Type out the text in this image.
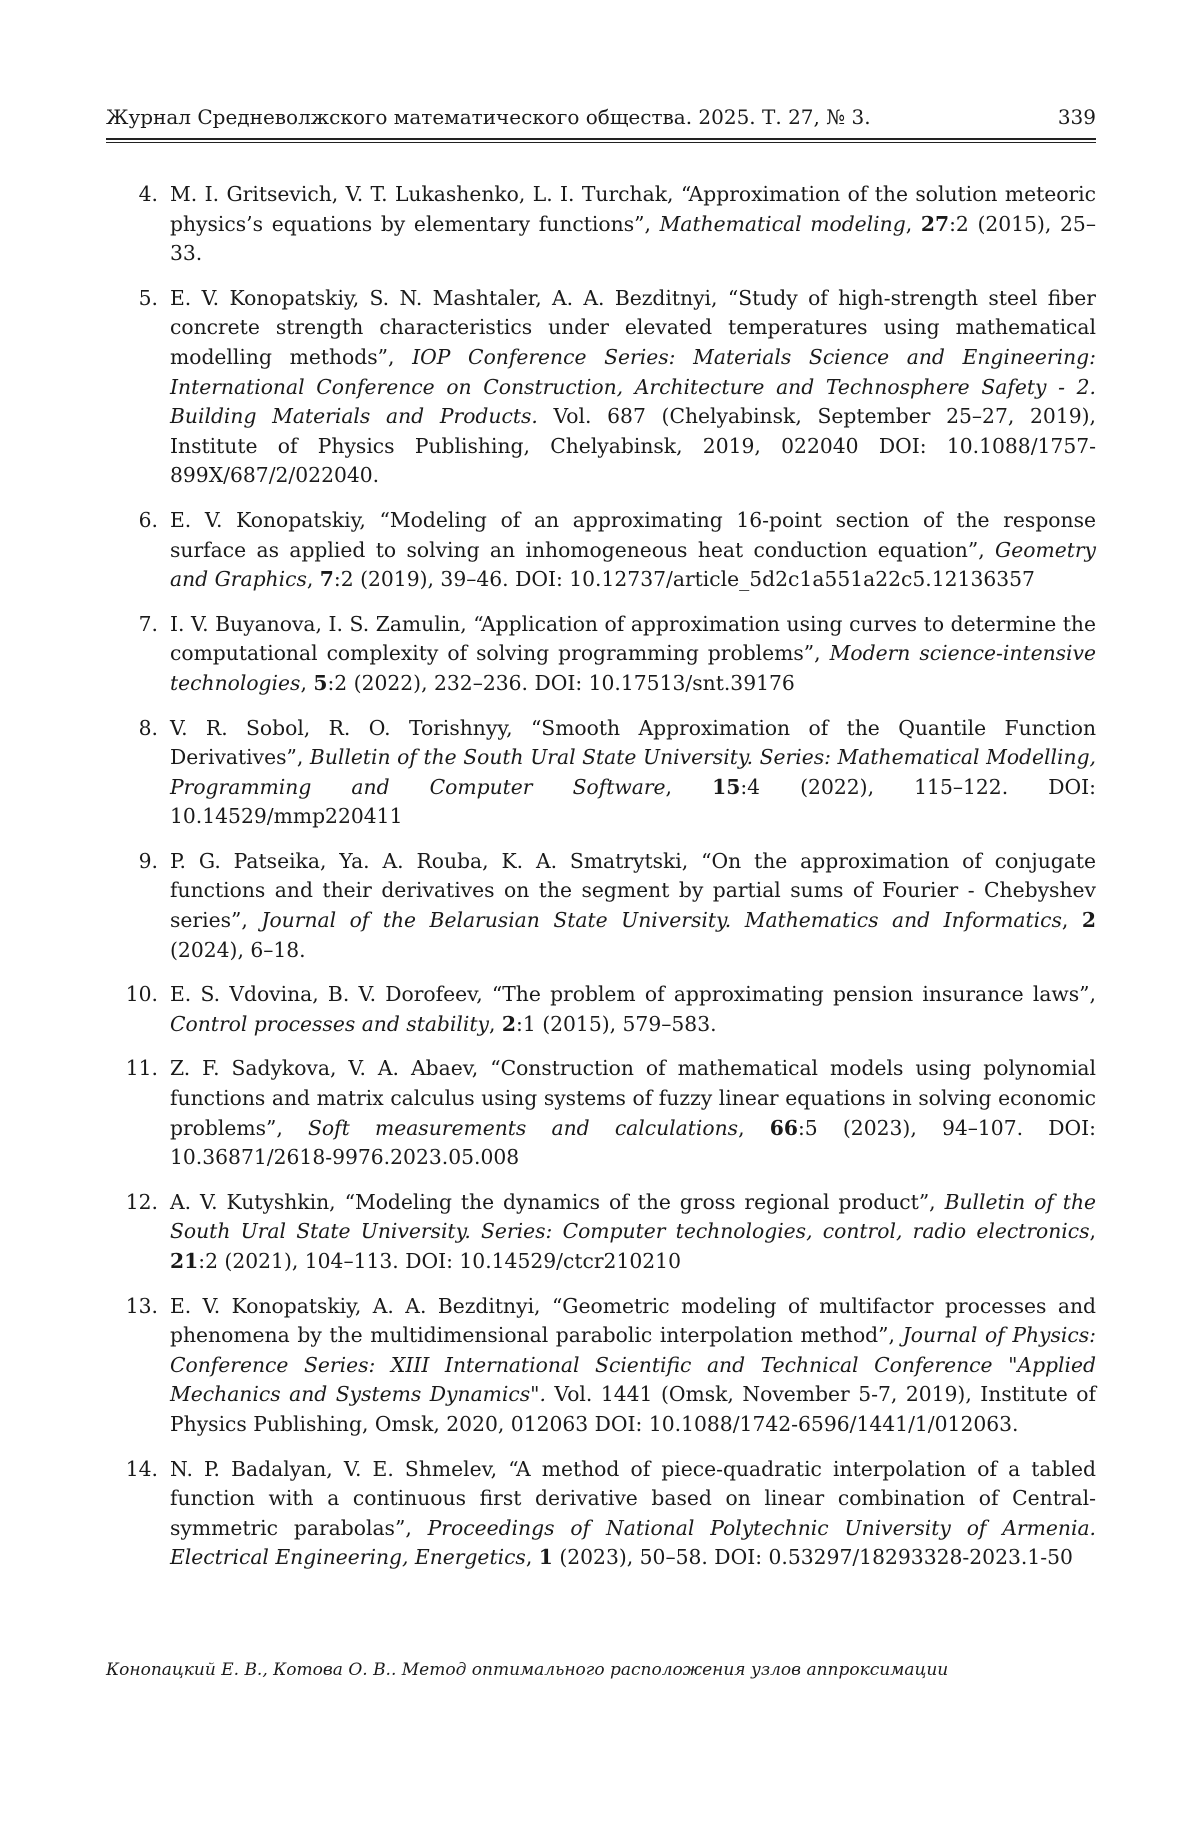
Журнал Средневолжского математического общества. 2025. Т. 27, № 3.	339
4. M. I. Gritsevich, V. T. Lukashenko, L. I. Turchak, “Approximation of the solution meteoric physics’s equations by elementary functions”, Mathematical modeling, 27:2 (2015), 25–33.
5. E. V. Konopatskiy, S. N. Mashtaler, A. A. Bezditnyi, “Study of high-strength steel fiber concrete strength characteristics under elevated temperatures using mathematical modelling methods”, IOP Conference Series: Materials Science and Engineering: International Conference on Construction, Architecture and Technosphere Safety - 2. Building Materials and Products. Vol. 687 (Chelyabinsk, September 25–27, 2019), Institute of Physics Publishing, Chelyabinsk, 2019, 022040 DOI: 10.1088/1757-899X/687/2/022040.
6. E. V. Konopatskiy, “Modeling of an approximating 16-point section of the response surface as applied to solving an inhomogeneous heat conduction equation”, Geometry and Graphics, 7:2 (2019), 39–46. DOI: 10.12737/article_5d2c1a551a22c5.12136357
7. I. V. Buyanova, I. S. Zamulin, “Application of approximation using curves to determine the computational complexity of solving programming problems”, Modern science-intensive technologies, 5:2 (2022), 232–236. DOI: 10.17513/snt.39176
8. V. R. Sobol, R. O. Torishnyy, “Smooth Approximation of the Quantile Function Derivatives”, Bulletin of the South Ural State University. Series: Mathematical Modelling, Programming and Computer Software, 15:4 (2022), 115–122. DOI: 10.14529/mmp220411
9. P. G. Patseika, Ya. A. Rouba, K. A. Smatrytski, “On the approximation of conjugate functions and their derivatives on the segment by partial sums of Fourier - Chebyshev series”, Journal of the Belarusian State University. Mathematics and Informatics, 2 (2024), 6–18.
10. E. S. Vdovina, B. V. Dorofeev, “The problem of approximating pension insurance laws”, Control processes and stability, 2:1 (2015), 579–583.
11. Z. F. Sadykova, V. A. Abaev, “Construction of mathematical models using polynomial functions and matrix calculus using systems of fuzzy linear equations in solving economic problems”, Soft measurements and calculations, 66:5 (2023), 94–107. DOI: 10.36871/2618-9976.2023.05.008
12. A. V. Kutyshkin, “Modeling the dynamics of the gross regional product”, Bulletin of the South Ural State University. Series: Computer technologies, control, radio electronics, 21:2 (2021), 104–113. DOI: 10.14529/ctcr210210
13. E. V. Konopatskiy, A. A. Bezditnyi, “Geometric modeling of multifactor processes and phenomena by the multidimensional parabolic interpolation method”, Journal of Physics: Conference Series: XIII International Scientific and Technical Conference "Applied Mechanics and Systems Dynamics". Vol. 1441 (Omsk, November 5-7, 2019), Institute of Physics Publishing, Omsk, 2020, 012063 DOI: 10.1088/1742-6596/1441/1/012063.
14. N. P. Badalyan, V. E. Shmelev, “A method of piece-quadratic interpolation of a tabled function with a continuous first derivative based on linear combination of Central-symmetric parabolas”, Proceedings of National Polytechnic University of Armenia. Electrical Engineering, Energetics, 1 (2023), 50–58. DOI: 0.53297/18293328-2023.1-50
Конопацкий Е. В., Котова О. В.. Метод оптимального расположения узлов аппроксимации
